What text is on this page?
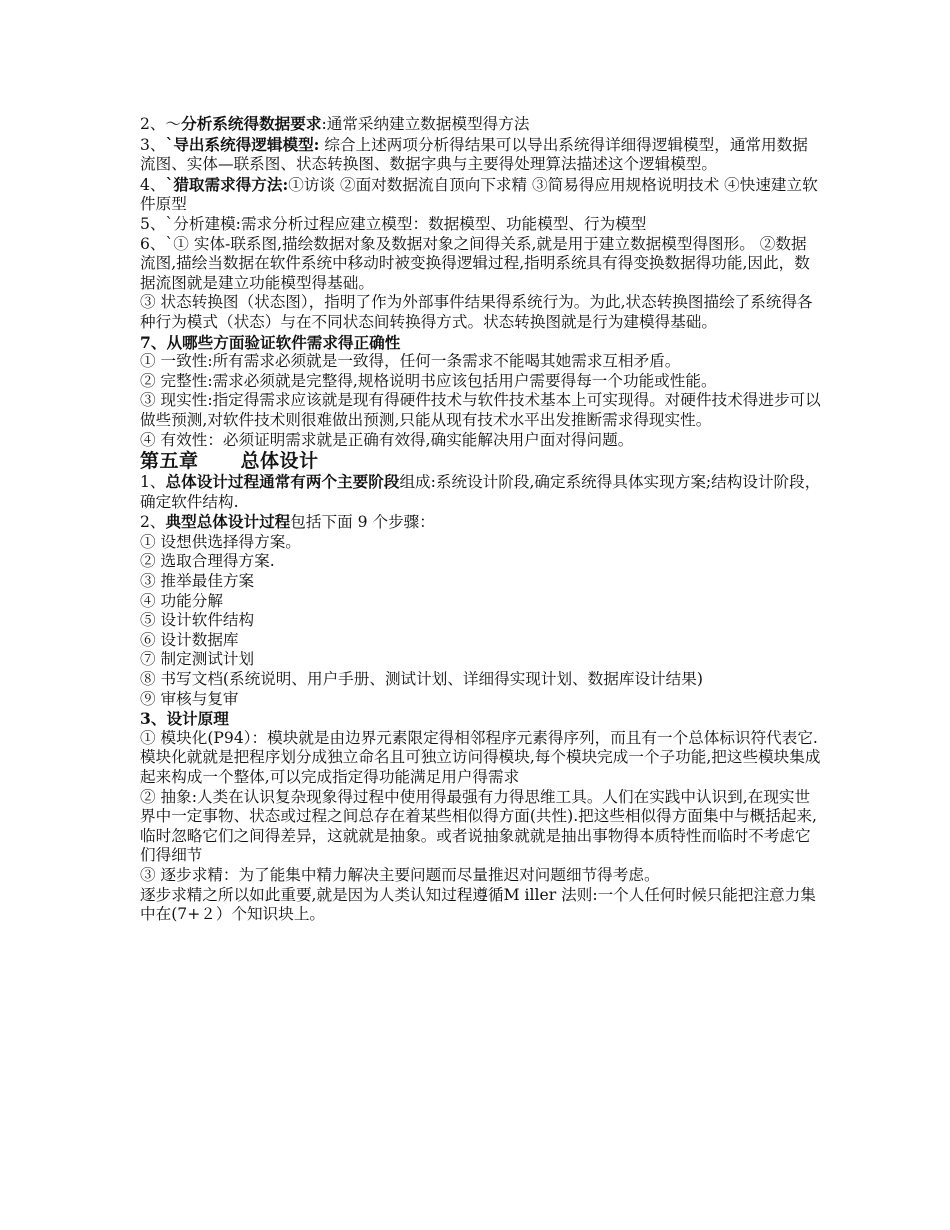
2、～分析系统得数据要求:通常采纳建立数据模型得方法

3、`导出系统得逻辑模型: 综合上述两项分析得结果可以导出系统得详细得逻辑模型，通常用数据流图、实体—联系图、状态转换图、数据字典与主要得处理算法描述这个逻辑模型。

4、`猎取需求得方法:①访谈 ②面对数据流自顶向下求精 ③简易得应用规格说明技术 ④快速建立软件原型

5、`分析建模:需求分析过程应建立模型：数据模型、功能模型、行为模型

6、`① 实体-联系图,描绘数据对象及数据对象之间得关系,就是用于建立数据模型得图形。 ②数据流图,描绘当数据在软件系统中移动时被变换得逻辑过程,指明系统具有得变换数据得功能,因此，数据流图就是建立功能模型得基础。

③ 状态转换图（状态图），指明了作为外部事件结果得系统行为。为此,状态转换图描绘了系统得各种行为模式（状态）与在不同状态间转换得方式。状态转换图就是行为建模得基础。

7、从哪些方面验证软件需求得正确性

① 一致性:所有需求必须就是一致得，任何一条需求不能喝其她需求互相矛盾。

② 完整性:需求必须就是完整得,规格说明书应该包括用户需要得每一个功能或性能。

③ 现实性:指定得需求应该就是现有得硬件技术与软件技术基本上可实现得。对硬件技术得进步可以做些预测,对软件技术则很难做出预测,只能从现有技术水平出发推断需求得现实性。

④ 有效性：必须证明需求就是正确有效得,确实能解决用户面对得问题。

第五章 总体设计

1、总体设计过程通常有两个主要阶段组成:系统设计阶段,确定系统得具体实现方案;结构设计阶段，确定软件结构.

2、典型总体设计过程包括下面 9 个步骤：

① 设想供选择得方案。

② 选取合理得方案.

③ 推举最佳方案

④ 功能分解

⑤ 设计软件结构

⑥ 设计数据库

⑦ 制定测试计划

⑧ 书写文档(系统说明、用户手册、测试计划、详细得实现计划、数据库设计结果)

⑨ 审核与复审

3、设计原理

① 模块化(P94）：模块就是由边界元素限定得相邻程序元素得序列，而且有一个总体标识符代表它.模块化就就是把程序划分成独立命名且可独立访问得模块,每个模块完成一个子功能,把这些模块集成起来构成一个整体,可以完成指定得功能满足用户得需求

② 抽象:人类在认识复杂现象得过程中使用得最强有力得思维工具。人们在实践中认识到,在现实世界中一定事物、状态或过程之间总存在着某些相似得方面(共性).把这些相似得方面集中与概括起来,临时忽略它们之间得差异，这就就是抽象。或者说抽象就就是抽出事物得本质特性而临时不考虑它们得细节

③ 逐步求精：为了能集中精力解决主要问题而尽量推迟对问题细节得考虑。

逐步求精之所以如此重要,就是因为人类认知过程遵循M iller 法则:一个人任何时候只能把注意力集中在(7+２）个知识块上。
